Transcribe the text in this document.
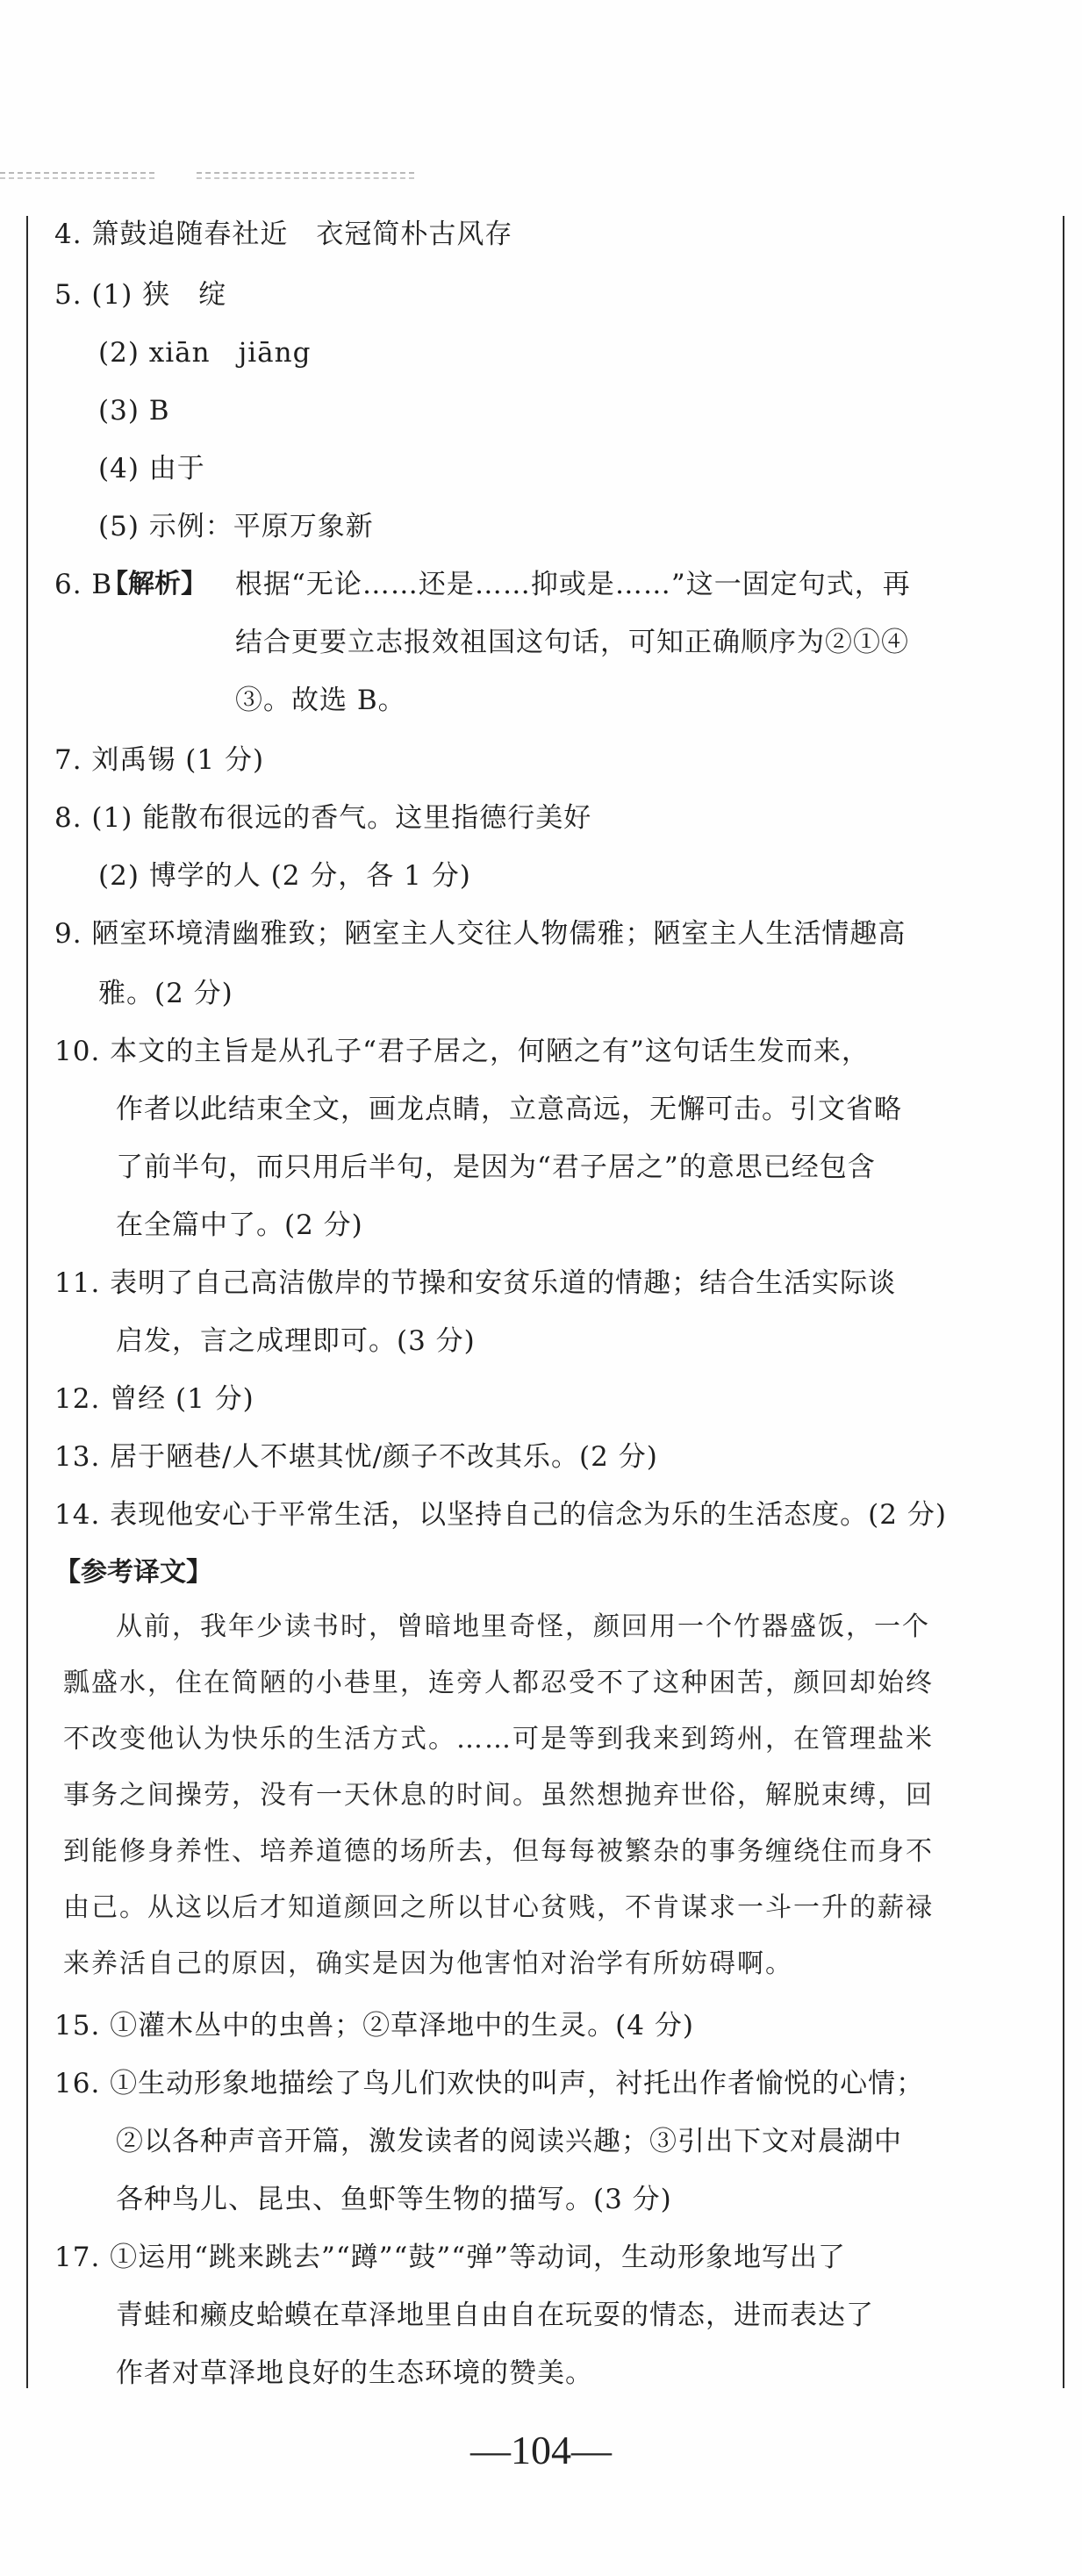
4. 箫鼓追随春社近　衣冠简朴古风存
5. (1) 狭　绽
(2) xiān　jiāng
(3) B
(4) 由于
(5) 示例：平原万象新
6. B
【解析】 根据“无论……还是……抑或是……”这一固定句式，再
结合更要立志报效祖国这句话，可知正确顺序为②①④
③。故选 B。
7. 刘禹锡 (1 分)
8. (1) 能散布很远的香气。这里指德行美好
(2) 博学的人 (2 分，各 1 分)
9. 陋室环境清幽雅致；陋室主人交往人物儒雅；陋室主人生活情趣高
雅。(2 分)
10. 本文的主旨是从孔子“君子居之，何陋之有”这句话生发而来，
作者以此结束全文，画龙点睛，立意高远，无懈可击。引文省略
了前半句，而只用后半句，是因为“君子居之”的意思已经包含
在全篇中了。(2 分)
11. 表明了自己高洁傲岸的节操和安贫乐道的情趣；结合生活实际谈
启发，言之成理即可。(3 分)
12. 曾经 (1 分)
13. 居于陋巷/人不堪其忧/颜子不改其乐。(2 分)
14. 表现他安心于平常生活，以坚持自己的信念为乐的生活态度。(2 分)
【参考译文】
从前，我年少读书时，曾暗地里奇怪，颜回用一个竹器盛饭，一个
瓢盛水，住在简陋的小巷里，连旁人都忍受不了这种困苦，颜回却始终
不改变他认为快乐的生活方式。……可是等到我来到筠州，在管理盐米
事务之间操劳，没有一天休息的时间。虽然想抛弃世俗，解脱束缚，回
到能修身养性、培养道德的场所去，但每每被繁杂的事务缠绕住而身不
由己。从这以后才知道颜回之所以甘心贫贱，不肯谋求一斗一升的薪禄
来养活自己的原因，确实是因为他害怕对治学有所妨碍啊。
15. ①灌木丛中的虫兽；②草泽地中的生灵。(4 分)
16. ①生动形象地描绘了鸟儿们欢快的叫声，衬托出作者愉悦的心情；
②以各种声音开篇，激发读者的阅读兴趣；③引出下文对晨湖中
各种鸟儿、昆虫、鱼虾等生物的描写。(3 分)
17. ①运用“跳来跳去”“蹲”“鼓”“弹”等动词，生动形象地写出了
青蛙和癞皮蛤蟆在草泽地里自由自在玩耍的情态，进而表达了
作者对草泽地良好的生态环境的赞美。
—104—
